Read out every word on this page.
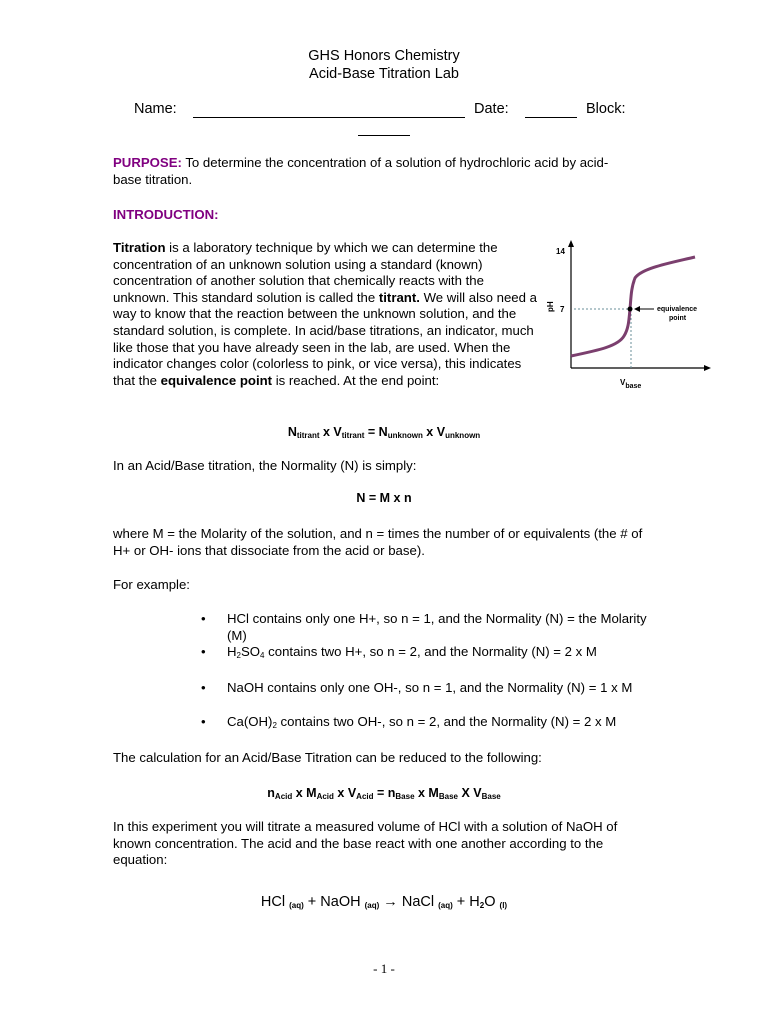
GHS Honors Chemistry
Acid-Base Titration Lab
Name:	Date:	Block:

PURPOSE: To determine the concentration of a solution of hydrochloric acid by acid-base titration.

INTRODUCTION:

Titration is a laboratory technique by which we can determine the concentration of an unknown solution using a standard (known) concentration of another solution that chemically reacts with the unknown. This standard solution is called the titrant. We will also need a way to know that the reaction between the unknown solution, and the standard solution, is complete. In acid/base titrations, an indicator, much like those that you have already seen in the lab, are used. When the indicator changes color (colorless to pink, or vice versa), this indicates that the equivalence point is reached. At the end point:

14
7
pH
Vbase
equivalence
point
$N_{titrant}$ x $V_{titrant} = N_{unknown}$ x $V_{unknown}$

In an Acid/Base titration, the Normality (N) is simply:

N = M x n

where M = the Molarity of the solution, and n = times the number of or equivalents (the # of H+ or OH- ions that dissociate from the acid or base).

For example:

• HCl contains only one H+, so n = 1, and the Normality (N) = the Molarity (M)
• $H_2SO_4$ contains two H+, so n = 2, and the Normality (N) = 2 x M
• NaOH contains only one OH-, so n = 1, and the Normality (N) = 1 x M
• $Ca(OH)_2$ contains two OH-, so n = 2, and the Normality (N) = 2 x M

The calculation for an Acid/Base Titration can be reduced to the following:

$n_{Acid}$ x $M_{Acid}$ x $V_{Acid} = n_{Base}$ x $M_{Base}$ X $V_{Base}$

In this experiment you will titrate a measured volume of HCl with a solution of NaOH of known concentration. The acid and the base react with one another according to the equation:

HCl $_{(aq)}$ + NaOH $_{(aq)}$ → NaCl $_{(aq)} + H_2O$ $_{(l)}$
- 1 -
